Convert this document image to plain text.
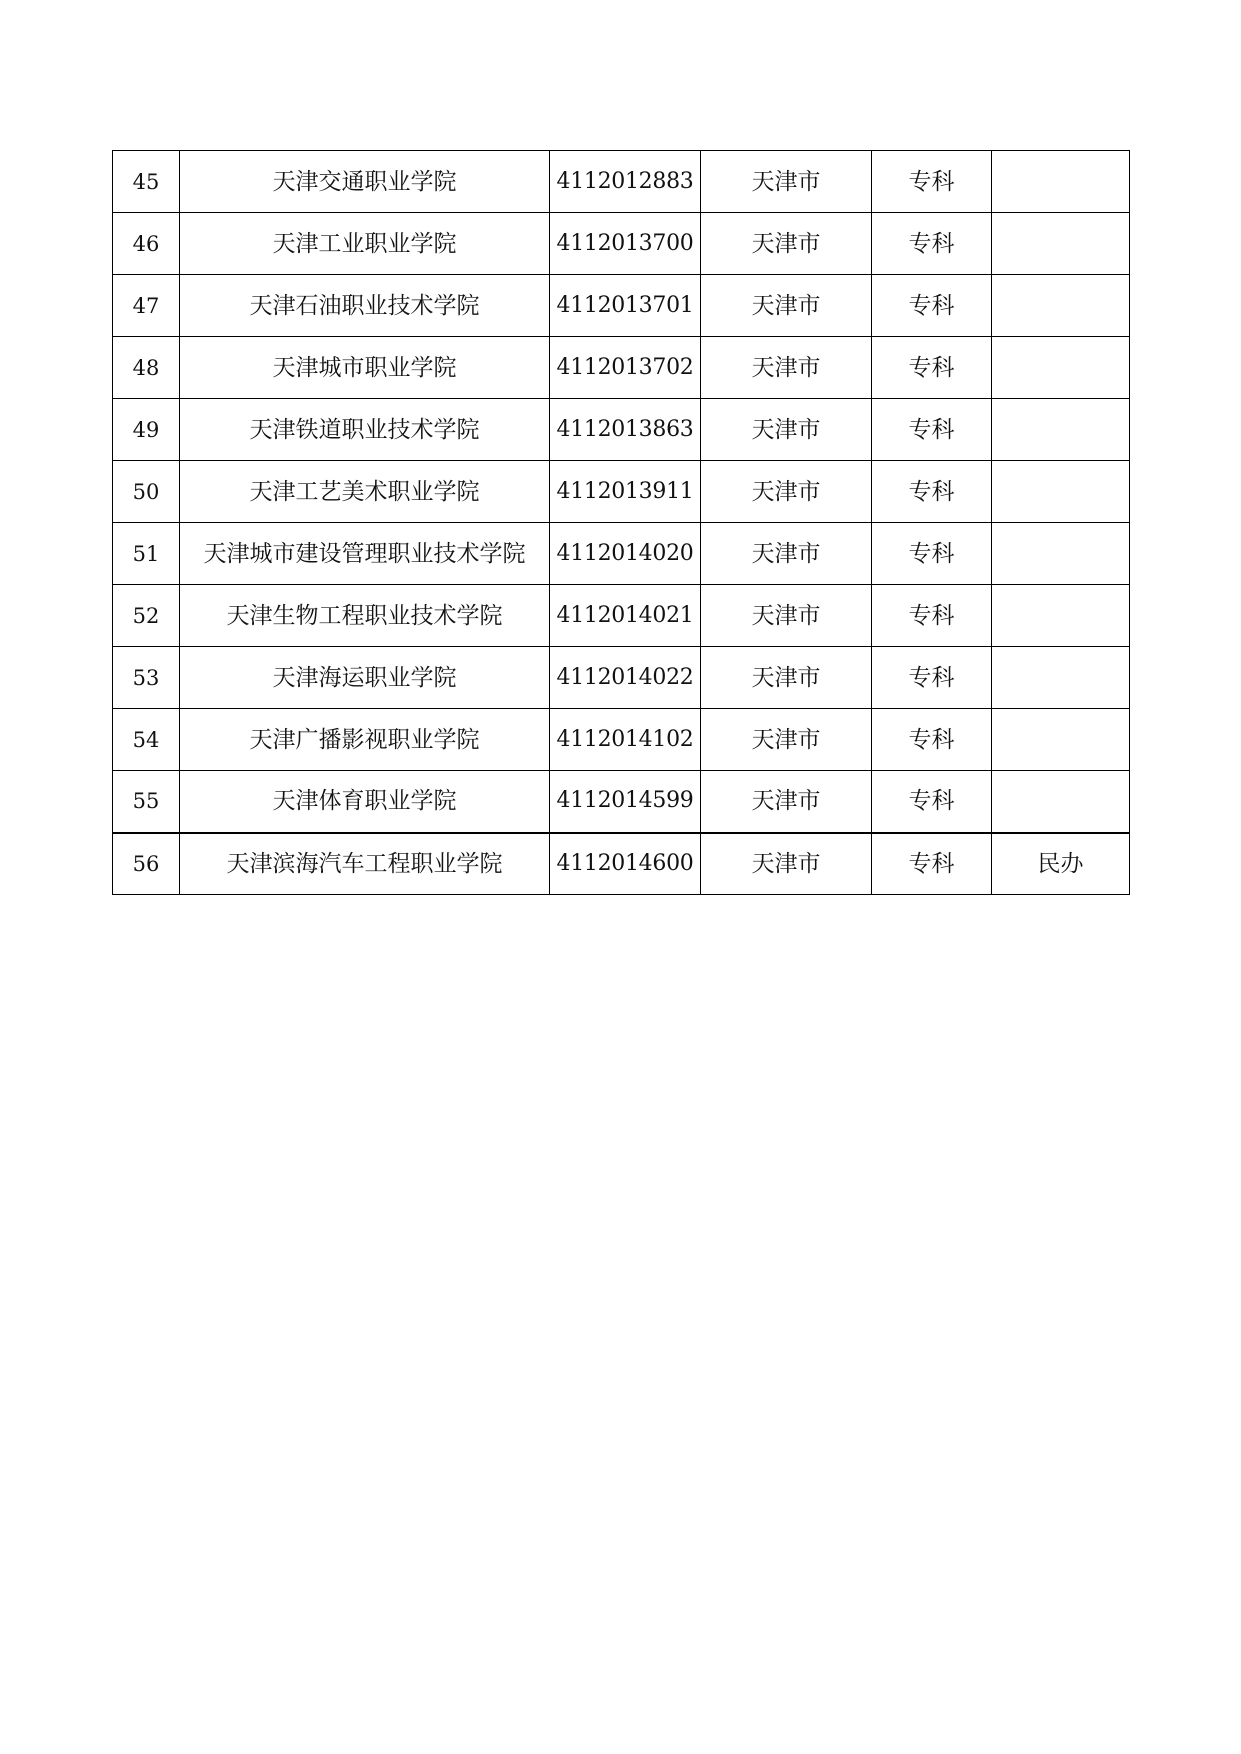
45	天津交通职业学院	4112012883	天津市	专科	
46	天津工业职业学院	4112013700	天津市	专科	
47	天津石油职业技术学院	4112013701	天津市	专科	
48	天津城市职业学院	4112013702	天津市	专科	
49	天津铁道职业技术学院	4112013863	天津市	专科	
50	天津工艺美术职业学院	4112013911	天津市	专科	
51	天津城市建设管理职业技术学院	4112014020	天津市	专科	
52	天津生物工程职业技术学院	4112014021	天津市	专科	
53	天津海运职业学院	4112014022	天津市	专科	
54	天津广播影视职业学院	4112014102	天津市	专科	
55	天津体育职业学院	4112014599	天津市	专科	
56	天津滨海汽车工程职业学院	4112014600	天津市	专科	民办
